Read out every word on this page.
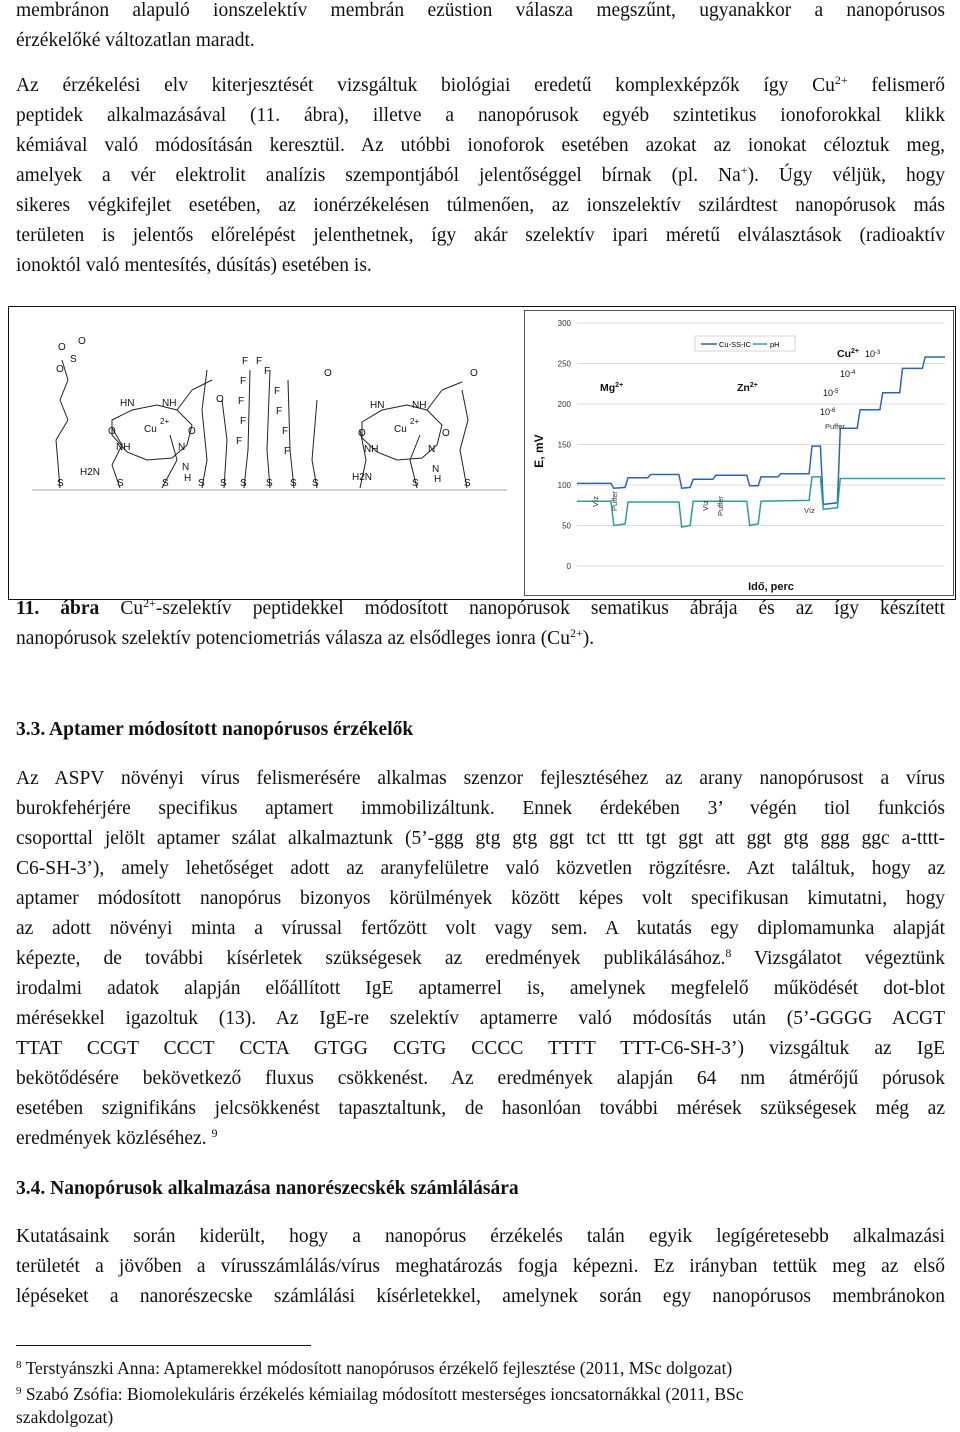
membránon alapuló ionszelektív membrán ezüstion válasza megszűnt, ugyanakkor a nanopórusos
érzékelőké változatlan maradt.
Az érzékelési elv kiterjesztését vizsgáltuk biológiai eredetű komplexképzők így $Cu^{2+}$ felismerő
peptidek alkalmazásával (11. ábra), illetve a nanopórusok egyéb szintetikus ionoforokkal klikk
kémiával való módosításán keresztül. Az utóbbi ionoforok esetében azokat az ionokat céloztuk meg,
amelyek a vér elektrolit analízis szempontjából jelentőséggel bírnak (pl. Na+). Úgy véljük, hogy
sikeres végkifejlet esetében, az ionérzékelésen túlmenően, az ionszelektív szilárdtest nanopórusok más
területen is jelentős előrelépést jelenthetnek, így akár szelektív ipari méretű elválasztások (radioaktív
ionoktól való mentesítés, dúsítás) esetében is.
O
S
O
O
HN	NH
O	O
Cu
2+
NH	N
N
H
H2N
S	S	S	S S S S S S
H2N
S	S
F F
F
F
F
F
F
F
F
F
F
O
HN	NH
O	O
Cu
2+
NH	N
N
H
O	O
300
250
200
150
100
50
0
E, mV
Idő, perc
Cu-SS-IC	pH
$Cu^{2+}$
$Mg^{2+}$	$Zn^{2+}$
$10^{-3}$
$10^{-4}$
$10^{-5}$
$10^{-6}$
Puffer
Víz Puffer	Víz Puffer	Víz
11. ábra $Cu^{2+}$-szelektív peptidekkel módosított nanopórusok sematikus ábrája és az így készített
nanopórusok szelektív potenciometriás válasza az elsődleges ionra $(Cu^{2+})$.
3.3. Aptamer módosított nanopórusos érzékelők
Az ASPV növényi vírus felismerésére alkalmas szenzor fejlesztéséhez az arany nanopórusost a vírus
burokfehérjére specifikus aptamert immobilizáltunk. Ennek érdekében 3’ végén tiol funkciós
csoporttal jelölt aptamer szálat alkalmaztunk (5’-ggg gtg gtg ggt tct ttt tgt ggt att ggt gtg ggg ggc a-tttt-
C6-SH-3’), amely lehetőséget adott az aranyfelületre való közvetlen rögzítésre. Azt találtuk, hogy az
aptamer módosított nanopórus bizonyos körülmények között képes volt specifikusan kimutatni, hogy
az adott növényi minta a vírussal fertőzött volt vagy sem. A kutatás egy diplomamunka alapját
képezte, de további kísérletek szükségesek az eredmények publikálásához.$^8$ Vizsgálatot végeztünk
irodalmi adatok alapján előállított IgE aptamerrel is, amelynek megfelelő működését dot-blot
mérésekkel igazoltuk (13). Az IgE-re szelektív aptamerre való módosítás után (5’-GGGG ACGT
TTAT CCGT CCCT CCTA GTGG CGTG CCCC TTTT TTT-C6-SH-3’) vizsgáltuk az IgE
bekötődésére bekövetkező fluxus csökkenést. Az eredmények alapján 64 nm átmérőjű pórusok
esetében szignifikáns jelcsökkenést tapasztaltunk, de hasonlóan további mérések szükségesek még az
eredmények közléséhez. $^9$
3.4. Nanopórusok alkalmazása nanorészecskék számlálására
Kutatásaink során kiderült, hogy a nanopórus érzékelés talán egyik legígéretesebb alkalmazási
területét a jövőben a vírusszámlálás/vírus meghatározás fogja képezni. Ez irányban tettük meg az első
lépéseket a nanorészecske számlálási kísérletekkel, amelynek során egy nanopórusos membránokon
$^8$ Terstyánszki Anna: Aptamerekkel módosított nanopórusos érzékelő fejlesztése (2011, MSc dolgozat)
$^9$ Szabó Zsófia: Biomolekuláris érzékelés kémiailag módosított mesterséges ioncsatornákkal (2011, BSc
szakdolgozat)
